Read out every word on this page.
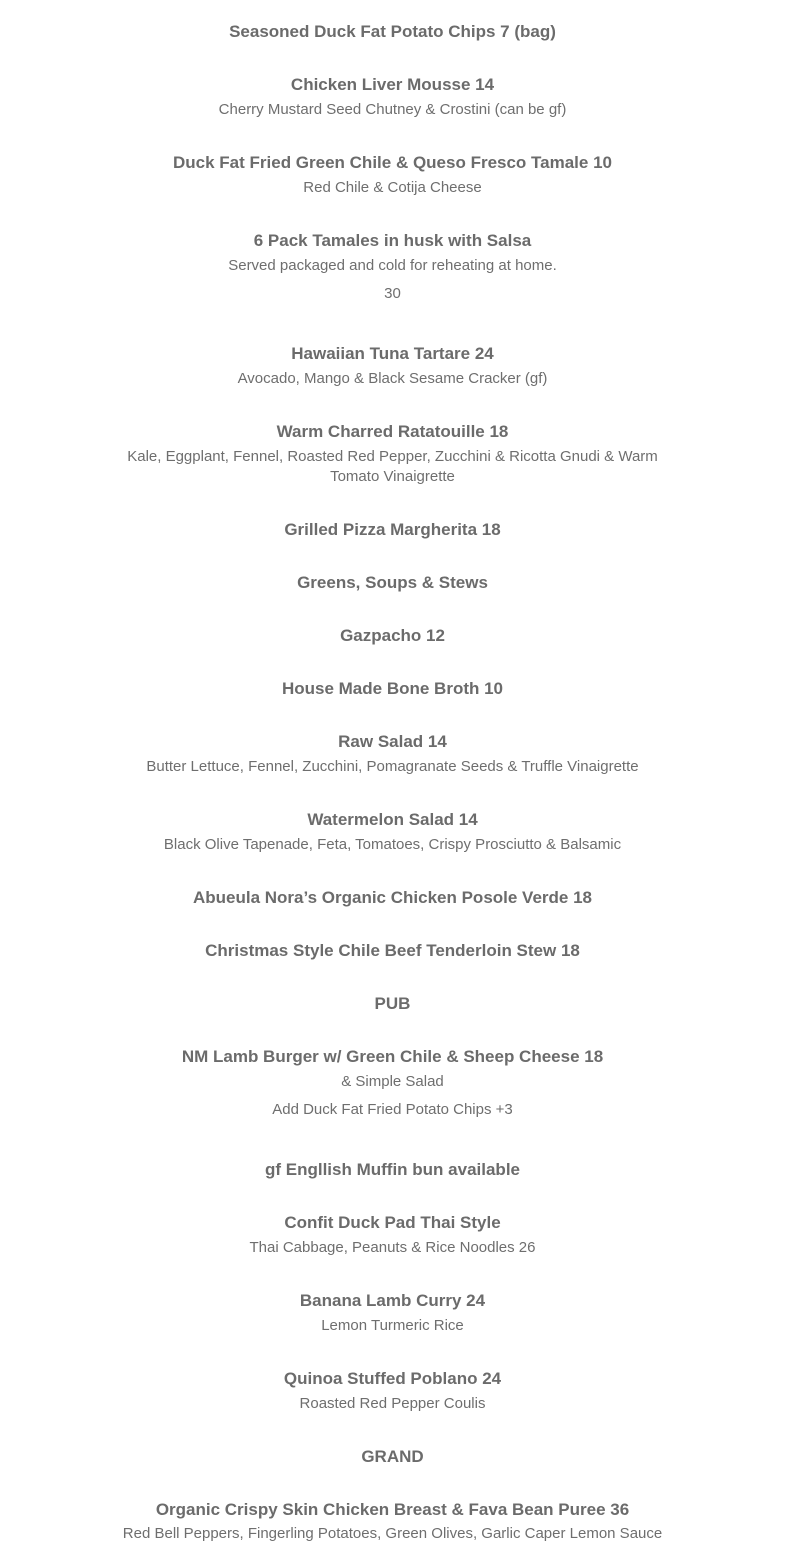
Seasoned Duck Fat Potato Chips 7 (bag)
Chicken Liver Mousse 14
Cherry Mustard Seed Chutney & Crostini (can be gf)
Duck Fat Fried Green Chile & Queso Fresco Tamale 10
Red Chile & Cotija Cheese
6 Pack Tamales in husk with Salsa
Served packaged and cold for reheating at home.
30
Hawaiian Tuna Tartare 24
Avocado, Mango & Black Sesame Cracker (gf)
Warm Charred Ratatouille 18
Kale, Eggplant, Fennel, Roasted Red Pepper, Zucchini & Ricotta Gnudi & Warm Tomato Vinaigrette
Grilled Pizza Margherita 18
Greens, Soups & Stews
Gazpacho 12
House Made Bone Broth 10
Raw Salad 14
Butter Lettuce, Fennel, Zucchini, Pomagranate Seeds & Truffle Vinaigrette
Watermelon Salad 14
Black Olive Tapenade, Feta, Tomatoes, Crispy Prosciutto & Balsamic
Abueula Nora’s Organic Chicken Posole Verde 18
Christmas Style Chile Beef Tenderloin Stew 18
PUB
NM Lamb Burger w/ Green Chile & Sheep Cheese 18
& Simple Salad
Add Duck Fat Fried Potato Chips +3
gf Engllish Muffin bun available
Confit Duck Pad Thai Style
Thai Cabbage, Peanuts & Rice Noodles 26
Banana Lamb Curry 24
Lemon Turmeric Rice
Quinoa Stuffed Poblano 24
Roasted Red Pepper Coulis
GRAND
Organic Crispy Skin Chicken Breast & Fava Bean Puree 36
Red Bell Peppers, Fingerling Potatoes, Green Olives, Garlic Caper Lemon Sauce
